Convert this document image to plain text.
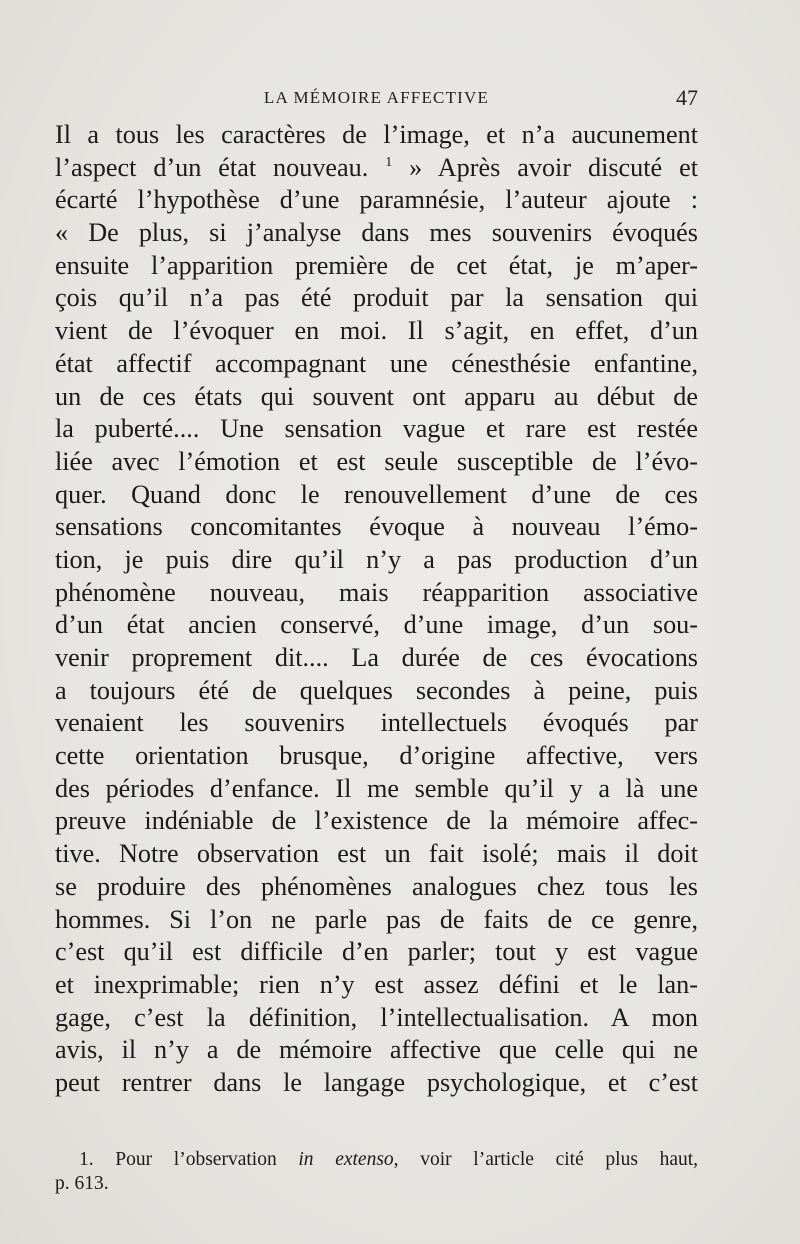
LA MÉMOIRE AFFECTIVE	47
Il a tous les caractères de l’image, et n’a aucunement
l’aspect d’un état nouveau. $^1$ » Après avoir discuté et
écarté l’hypothèse d’une paramnésie, l’auteur ajoute :
« De plus, si j’analyse dans mes souvenirs évoqués
ensuite l’apparition première de cet état, je m’aper-
çois qu’il n’a pas été produit par la sensation qui
vient de l’évoquer en moi. Il s’agit, en effet, d’un
état affectif accompagnant une cénesthésie enfantine,
un de ces états qui souvent ont apparu au début de
la puberté.... Une sensation vague et rare est restée
liée avec l’émotion et est seule susceptible de l’évo-
quer. Quand donc le renouvellement d’une de ces
sensations concomitantes évoque à nouveau l’émo-
tion, je puis dire qu’il n’y a pas production d’un
phénomène nouveau, mais réapparition associative
d’un état ancien conservé, d’une image, d’un sou-
venir proprement dit.... La durée de ces évocations
a toujours été de quelques secondes à peine, puis
venaient les souvenirs intellectuels évoqués par
cette orientation brusque, d’origine affective, vers
des périodes d’enfance. Il me semble qu’il y a là une
preuve indéniable de l’existence de la mémoire affec-
tive. Notre observation est un fait isolé; mais il doit
se produire des phénomènes analogues chez tous les
hommes. Si l’on ne parle pas de faits de ce genre,
c’est qu’il est difficile d’en parler; tout y est vague
et inexprimable; rien n’y est assez défini et le lan-
gage, c’est la définition, l’intellectualisation. A mon
avis, il n’y a de mémoire affective que celle qui ne
peut rentrer dans le langage psychologique, et c’est
1. Pour l’observation in extenso, voir l’article cité plus haut,
p. 613.
